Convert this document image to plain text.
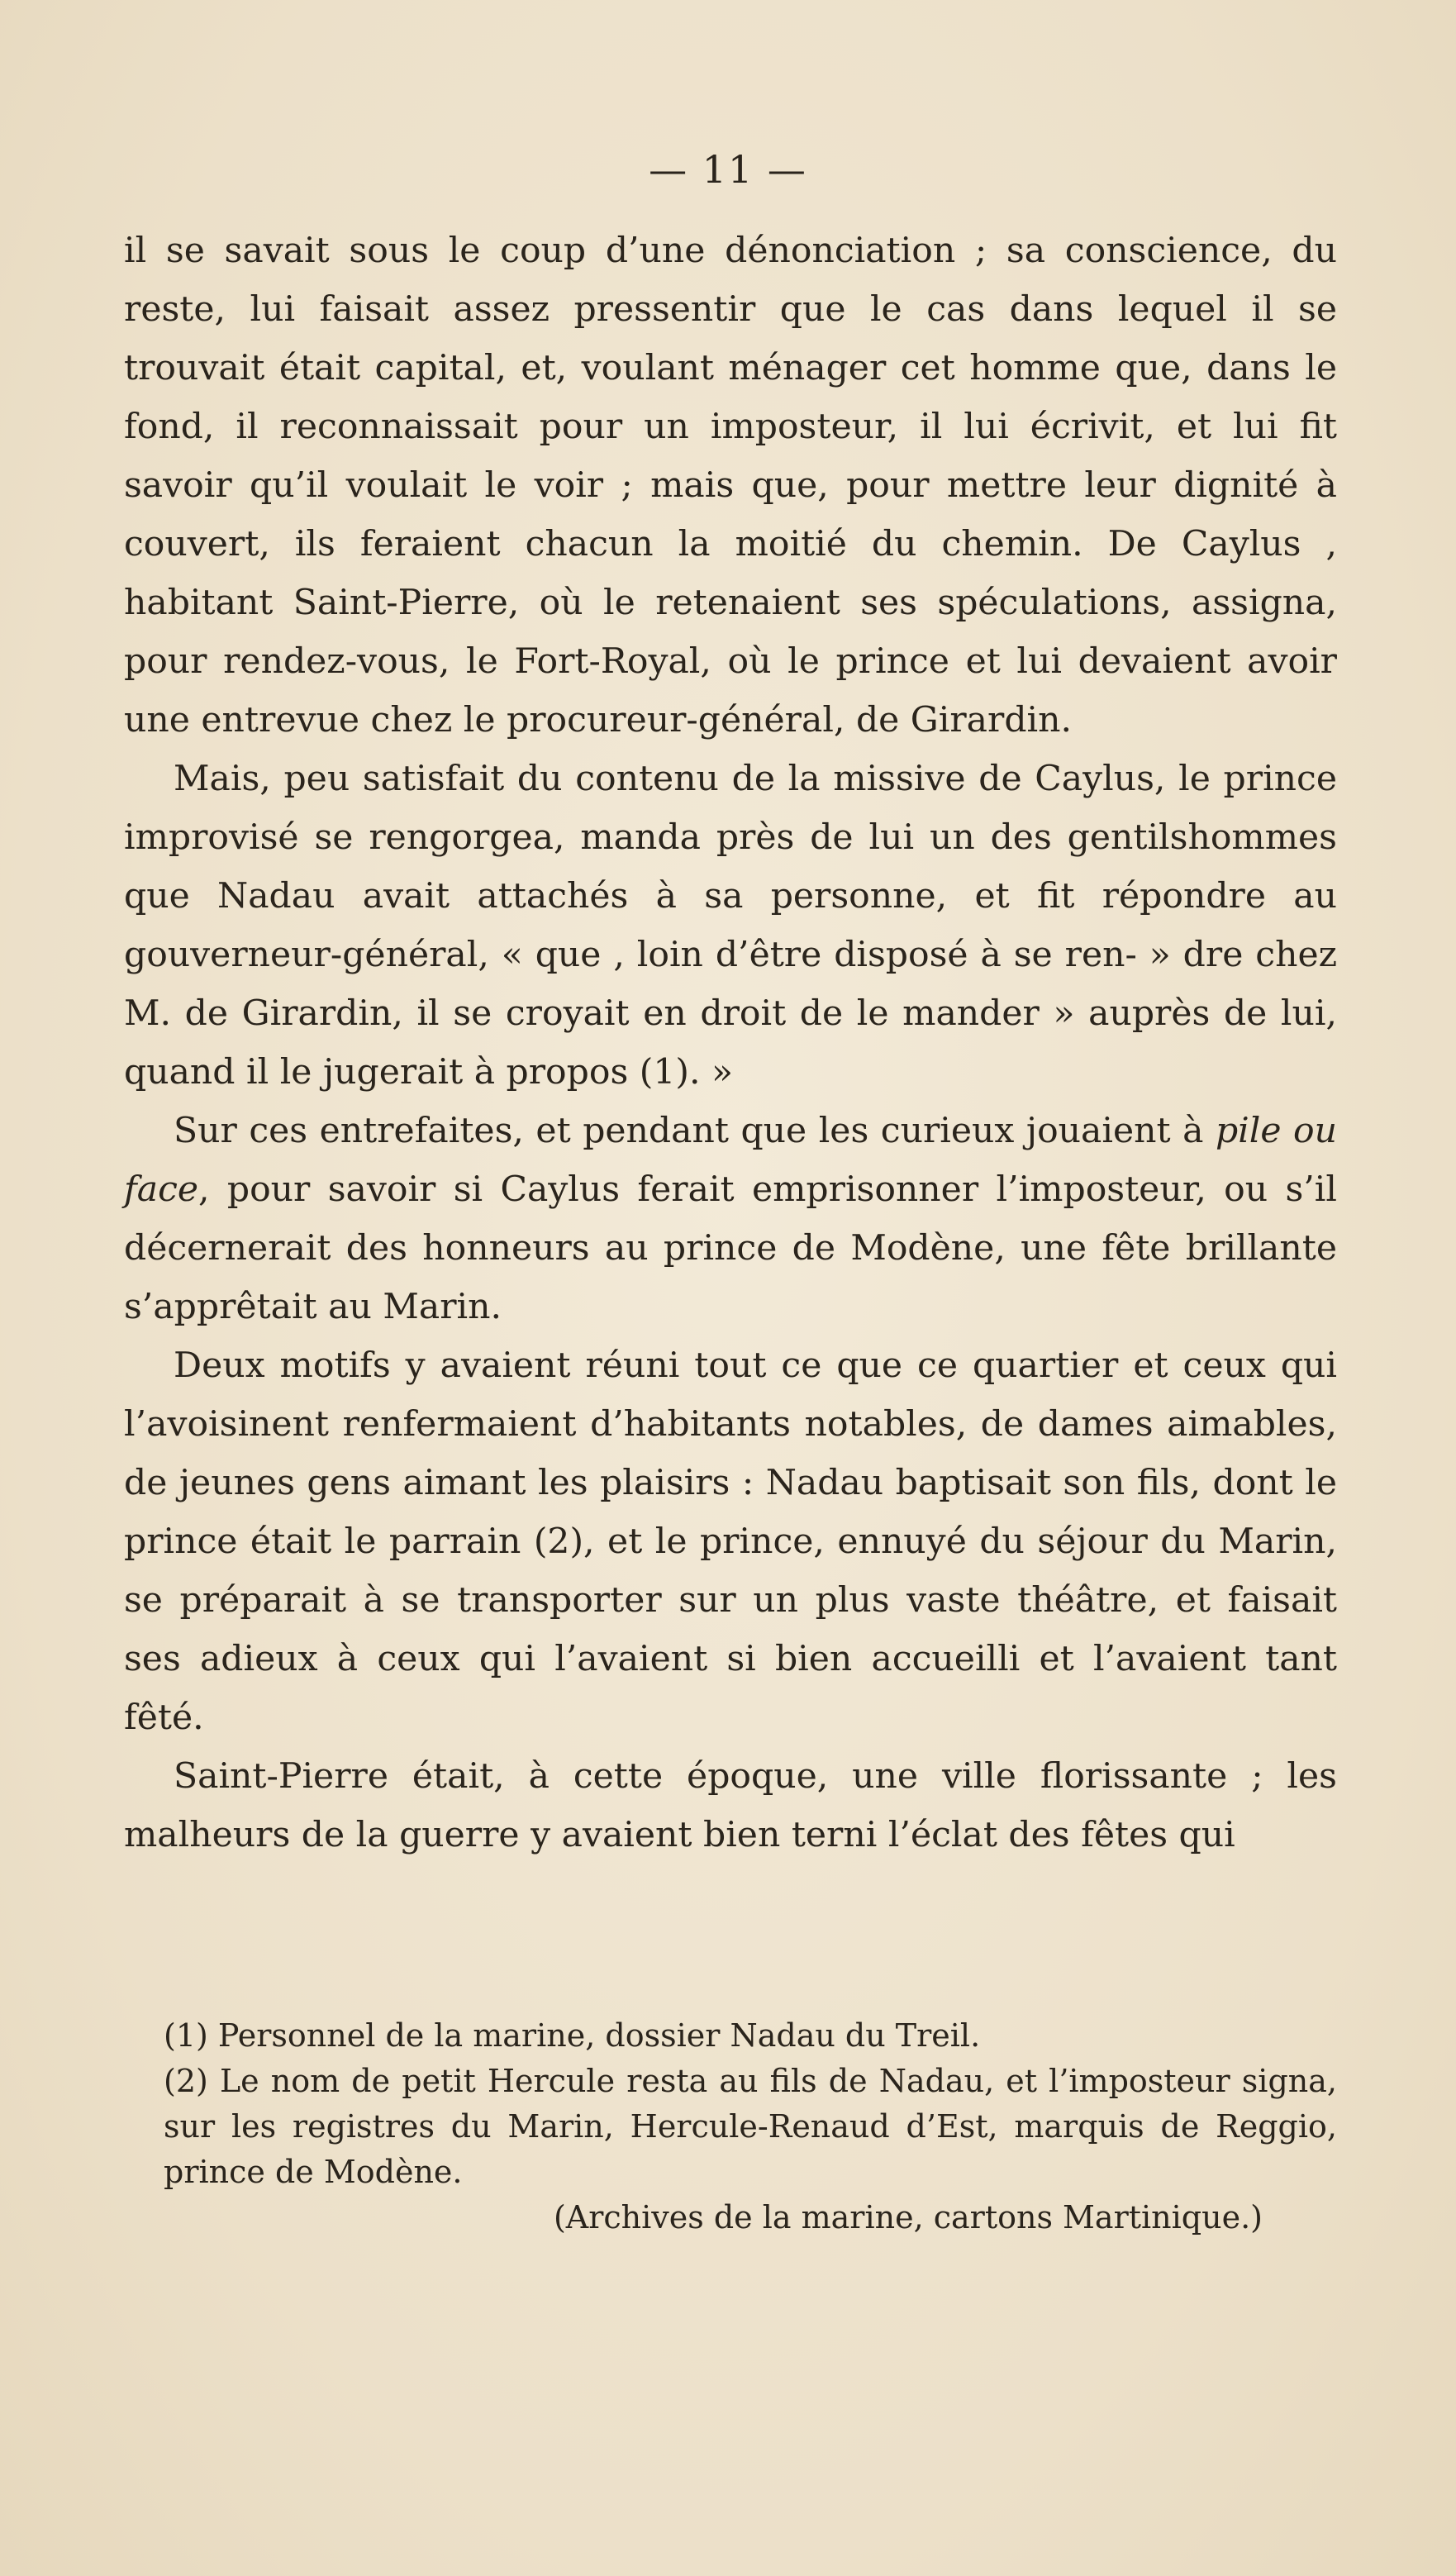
— 11 —

il se savait sous le coup d’une dénonciation ; sa conscience, du reste, lui faisait assez pressentir que le cas dans lequel il se trouvait était capital, et, voulant ménager cet homme que, dans le fond, il reconnaissait pour un imposteur, il lui écrivit, et lui fit savoir qu’il voulait le voir ; mais que, pour mettre leur dignité à couvert, ils feraient chacun la moitié du chemin. De Caylus , habitant Saint-Pierre, où le retenaient ses spéculations, assigna, pour rendez-vous, le Fort-Royal, où le prince et lui devaient avoir une entrevue chez le procureur-général, de Girardin.

Mais, peu satisfait du contenu de la missive de Caylus, le prince improvisé se rengorgea, manda près de lui un des gentilshommes que Nadau avait attachés à sa personne, et fit répondre au gouverneur-général, « que , loin d’être disposé à se ren- » dre chez M. de Girardin, il se croyait en droit de le mander » auprès de lui, quand il le jugerait à propos (1). »

Sur ces entrefaites, et pendant que les curieux jouaient à pile ou face, pour savoir si Caylus ferait emprisonner l’imposteur, ou s’il décernerait des honneurs au prince de Modène, une fête brillante s’apprêtait au Marin.

Deux motifs y avaient réuni tout ce que ce quartier et ceux qui l’avoisinent renfermaient d’habitants notables, de dames aimables, de jeunes gens aimant les plaisirs : Nadau baptisait son fils, dont le prince était le parrain (2), et le prince, ennuyé du séjour du Marin, se préparait à se transporter sur un plus vaste théâtre, et faisait ses adieux à ceux qui l’avaient si bien accueilli et l’avaient tant fêté.

Saint-Pierre était, à cette époque, une ville florissante ; les malheurs de la guerre y avaient bien terni l’éclat des fêtes qui

(1) Personnel de la marine, dossier Nadau du Treil.

(2) Le nom de petit Hercule resta au fils de Nadau, et l’imposteur signa, sur les registres du Marin, Hercule-Renaud d’Est, marquis de Reggio, prince de Modène.

(Archives de la marine, cartons Martinique.)
